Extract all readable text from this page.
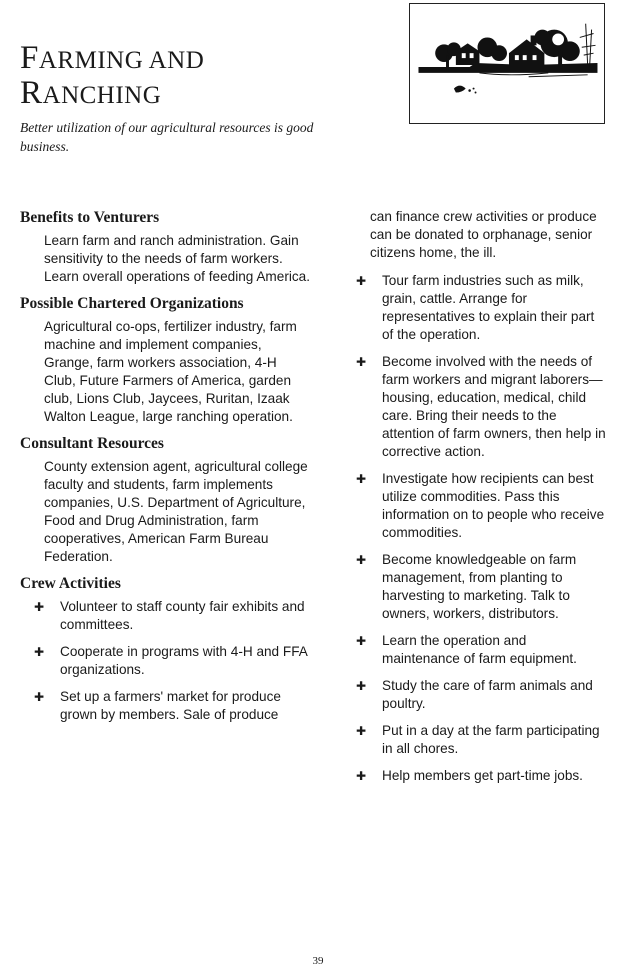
FARMING AND
RANCHING

Better utilization of our agricultural resources is good business.

Benefits to Venturers

Learn farm and ranch administration. Gain sensitivity to the needs of farm workers. Learn overall operations of feeding America.

Possible Chartered Organizations

Agricultural co-ops, fertilizer industry, farm machine and implement companies, Grange, farm workers association, 4-H Club, Future Farmers of America, garden club, Lions Club, Jaycees, Ruritan, Izaak Walton League, large ranching operation.

Consultant Resources

County extension agent, agricultural college faculty and students, farm implements companies, U.S. Department of Agriculture, Food and Drug Administration, farm cooperatives, American Farm Bureau Federation.

Crew Activities
✚ Volunteer to staff county fair exhibits and committees.
✚ Cooperate in programs with 4-H and FFA organizations.
✚ Set up a farmers' market for produce grown by members. Sale of produce

can finance crew activities or produce can be donated to orphanage, senior citizens home, the ill.

✚ Tour farm industries such as milk, grain, cattle. Arrange for representatives to explain their part of the operation.
✚ Become involved with the needs of farm workers and migrant laborers—housing, education, medical, child care. Bring their needs to the attention of farm owners, then help in corrective action.
✚ Investigate how recipients can best utilize commodities. Pass this information on to people who receive commodities.
✚ Become knowledgeable on farm management, from planting to harvesting to marketing. Talk to owners, workers, distributors.
✚ Learn the operation and maintenance of farm equipment.
✚ Study the care of farm animals and poultry.
✚ Put in a day at the farm participating in all chores.
✚ Help members get part-time jobs.
39
